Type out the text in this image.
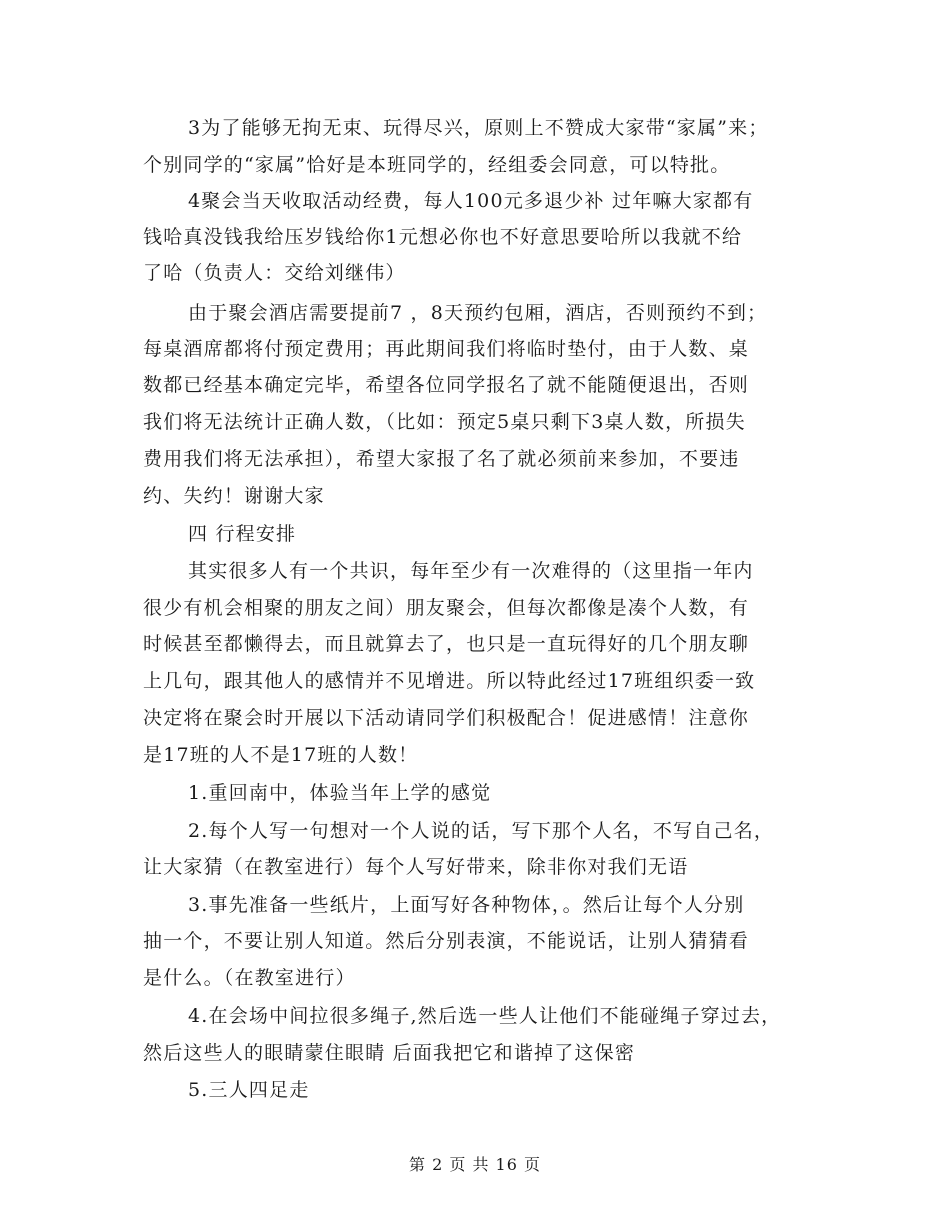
3为了能够无拘无束、玩得尽兴，原则上不赞成大家带“家属”来；
个别同学的“家属”恰好是本班同学的，经组委会同意，可以特批。
4聚会当天收取活动经费，每人100元多退少补 过年嘛大家都有
钱哈真没钱我给压岁钱给你1元想必你也不好意思要哈所以我就不给
了哈（负责人：交给刘继伟）
由于聚会酒店需要提前7 ，8天预约包厢，酒店，否则预约不到；
每桌酒席都将付预定费用；再此期间我们将临时垫付，由于人数、桌
数都已经基本确定完毕，希望各位同学报名了就不能随便退出，否则
我们将无法统计正确人数，（比如：预定5桌只剩下3桌人数，所损失
费用我们将无法承担），希望大家报了名了就必须前来参加，不要违
约、失约！谢谢大家
四 行程安排
其实很多人有一个共识，每年至少有一次难得的（这里指一年内
很少有机会相聚的朋友之间）朋友聚会，但每次都像是凑个人数，有
时候甚至都懒得去，而且就算去了，也只是一直玩得好的几个朋友聊
上几句，跟其他人的感情并不见增进。所以特此经过17班组织委一致
决定将在聚会时开展以下活动请同学们积极配合！促进感情！注意你
是17班的人不是17班的人数！
1.重回南中，体验当年上学的感觉
2.每个人写一句想对一个人说的话，写下那个人名，不写自己名，
让大家猜（在教室进行）每个人写好带来，除非你对我们无语
3.事先准备一些纸片，上面写好各种物体，。然后让每个人分别
抽一个，不要让别人知道。然后分别表演，不能说话，让别人猜猜看
是什么。（在教室进行）
4.在会场中间拉很多绳子,然后选一些人让他们不能碰绳子穿过去，
然后这些人的眼睛蒙住眼睛 后面我把它和谐掉了这保密
5.三人四足走
第 2 页 共 16 页
